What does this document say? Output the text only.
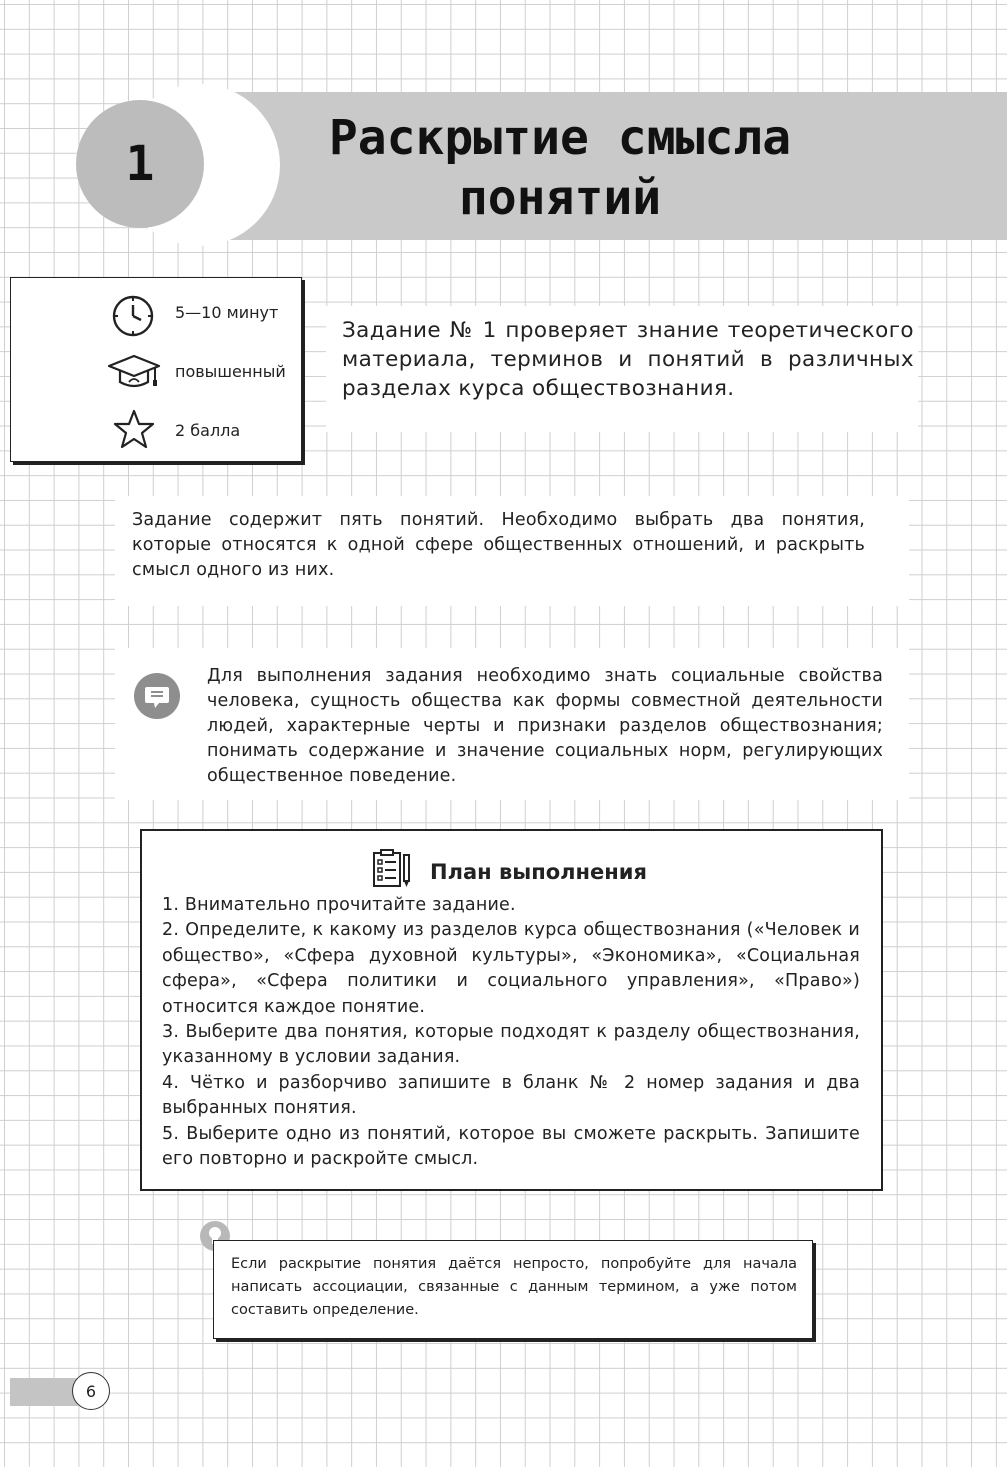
1	Раскрытие смысла
понятий
5—10 минут
повышенный
2 балла

Задание № 1 проверяет знание теоретического материала, терминов и понятий в различных разделах курса обществознания.

Задание содержит пять понятий. Необходимо выбрать два понятия, которые относятся к одной сфере общественных отношений, и раскрыть смысл одного из них.

Для выполнения задания необходимо знать социальные свойства человека, сущность общества как формы совместной деятельности людей, характерные черты и признаки разделов обществознания; понимать содержание и значение социальных норм, регулирующих общественное поведение.

План выполнения

1. Внимательно прочитайте задание.

2. Определите, к какому из разделов курса обществознания («Человек и общество», «Сфера духовной культуры», «Экономика», «Социальная сфера», «Сфера политики и социального управления», «Право») относится каждое понятие.

3. Выберите два понятия, которые подходят к разделу обществознания, указанному в условии задания.

4. Чётко и разборчиво запишите в бланк № 2 номер задания и два выбранных понятия.

5. Выберите одно из понятий, которое вы сможете раскрыть. Запишите его повторно и раскройте смысл.

Если раскрытие понятия даётся непросто, попробуйте для начала написать ассоциации, связанные с данным термином, а уже потом составить определение.

6
